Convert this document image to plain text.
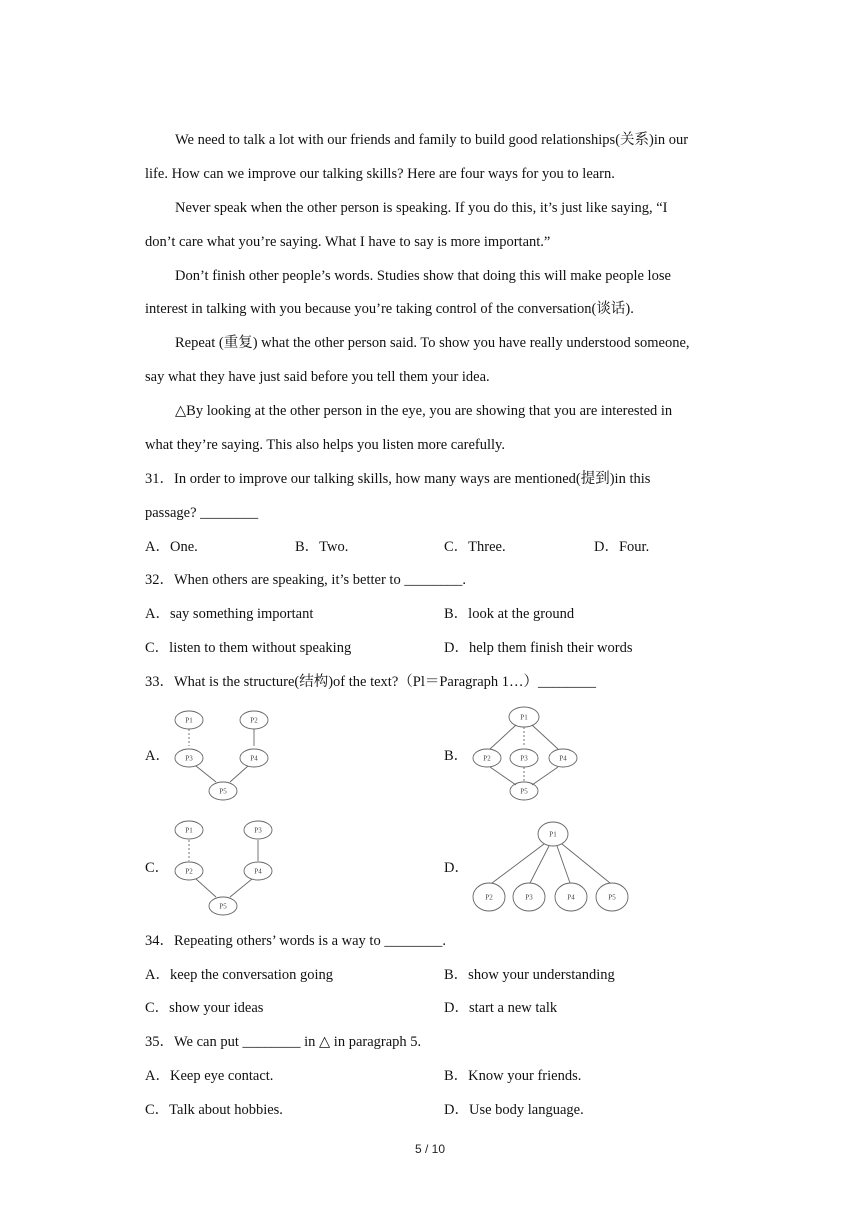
We need to talk a lot with our friends and family to build good relationships(关系)in our
life. How can we improve our talking skills? Here are four ways for you to learn.
Never speak when the other person is speaking. If you do this, it’s just like saying, “I
don’t care what you’re saying. What I have to say is more important.”
Don’t finish other people’s words. Studies show that doing this will make people lose
interest in talking with you because you’re taking control of the conversation(谈话).
Repeat (重复) what the other person said. To show you have really understood someone,
say what they have just said before you tell them your idea.
△By looking at the other person in the eye, you are showing that you are interested in
what they’re saying. This also helps you listen more carefully.
31．In order to improve our talking skills, how many ways are mentioned(提到)in this
passage? ________
A．One.	B．Two.	C．Three.	D．Four.
32．When others are speaking, it’s better to ________.
A．say something important	B．look at the ground
C．listen to them without speaking	D．help them finish their words
33．What is the structure(结构)of the text?（Pl＝Paragraph 1…）________
A．	B．
C．	D．
P1	P2
P3	P4
P5
P1
P2	P3	P4
P5
P1	P3
P2	P4
P5
P1
P2	P3	P4	P5
34．Repeating others’ words is a way to ________.
A．keep the conversation going	B．show your understanding
C．show your ideas	D．start a new talk
35．We can put ________ in △ in paragraph 5.
A．Keep eye contact.	B．Know your friends.
C．Talk about hobbies.	D．Use body language.
5 / 10
